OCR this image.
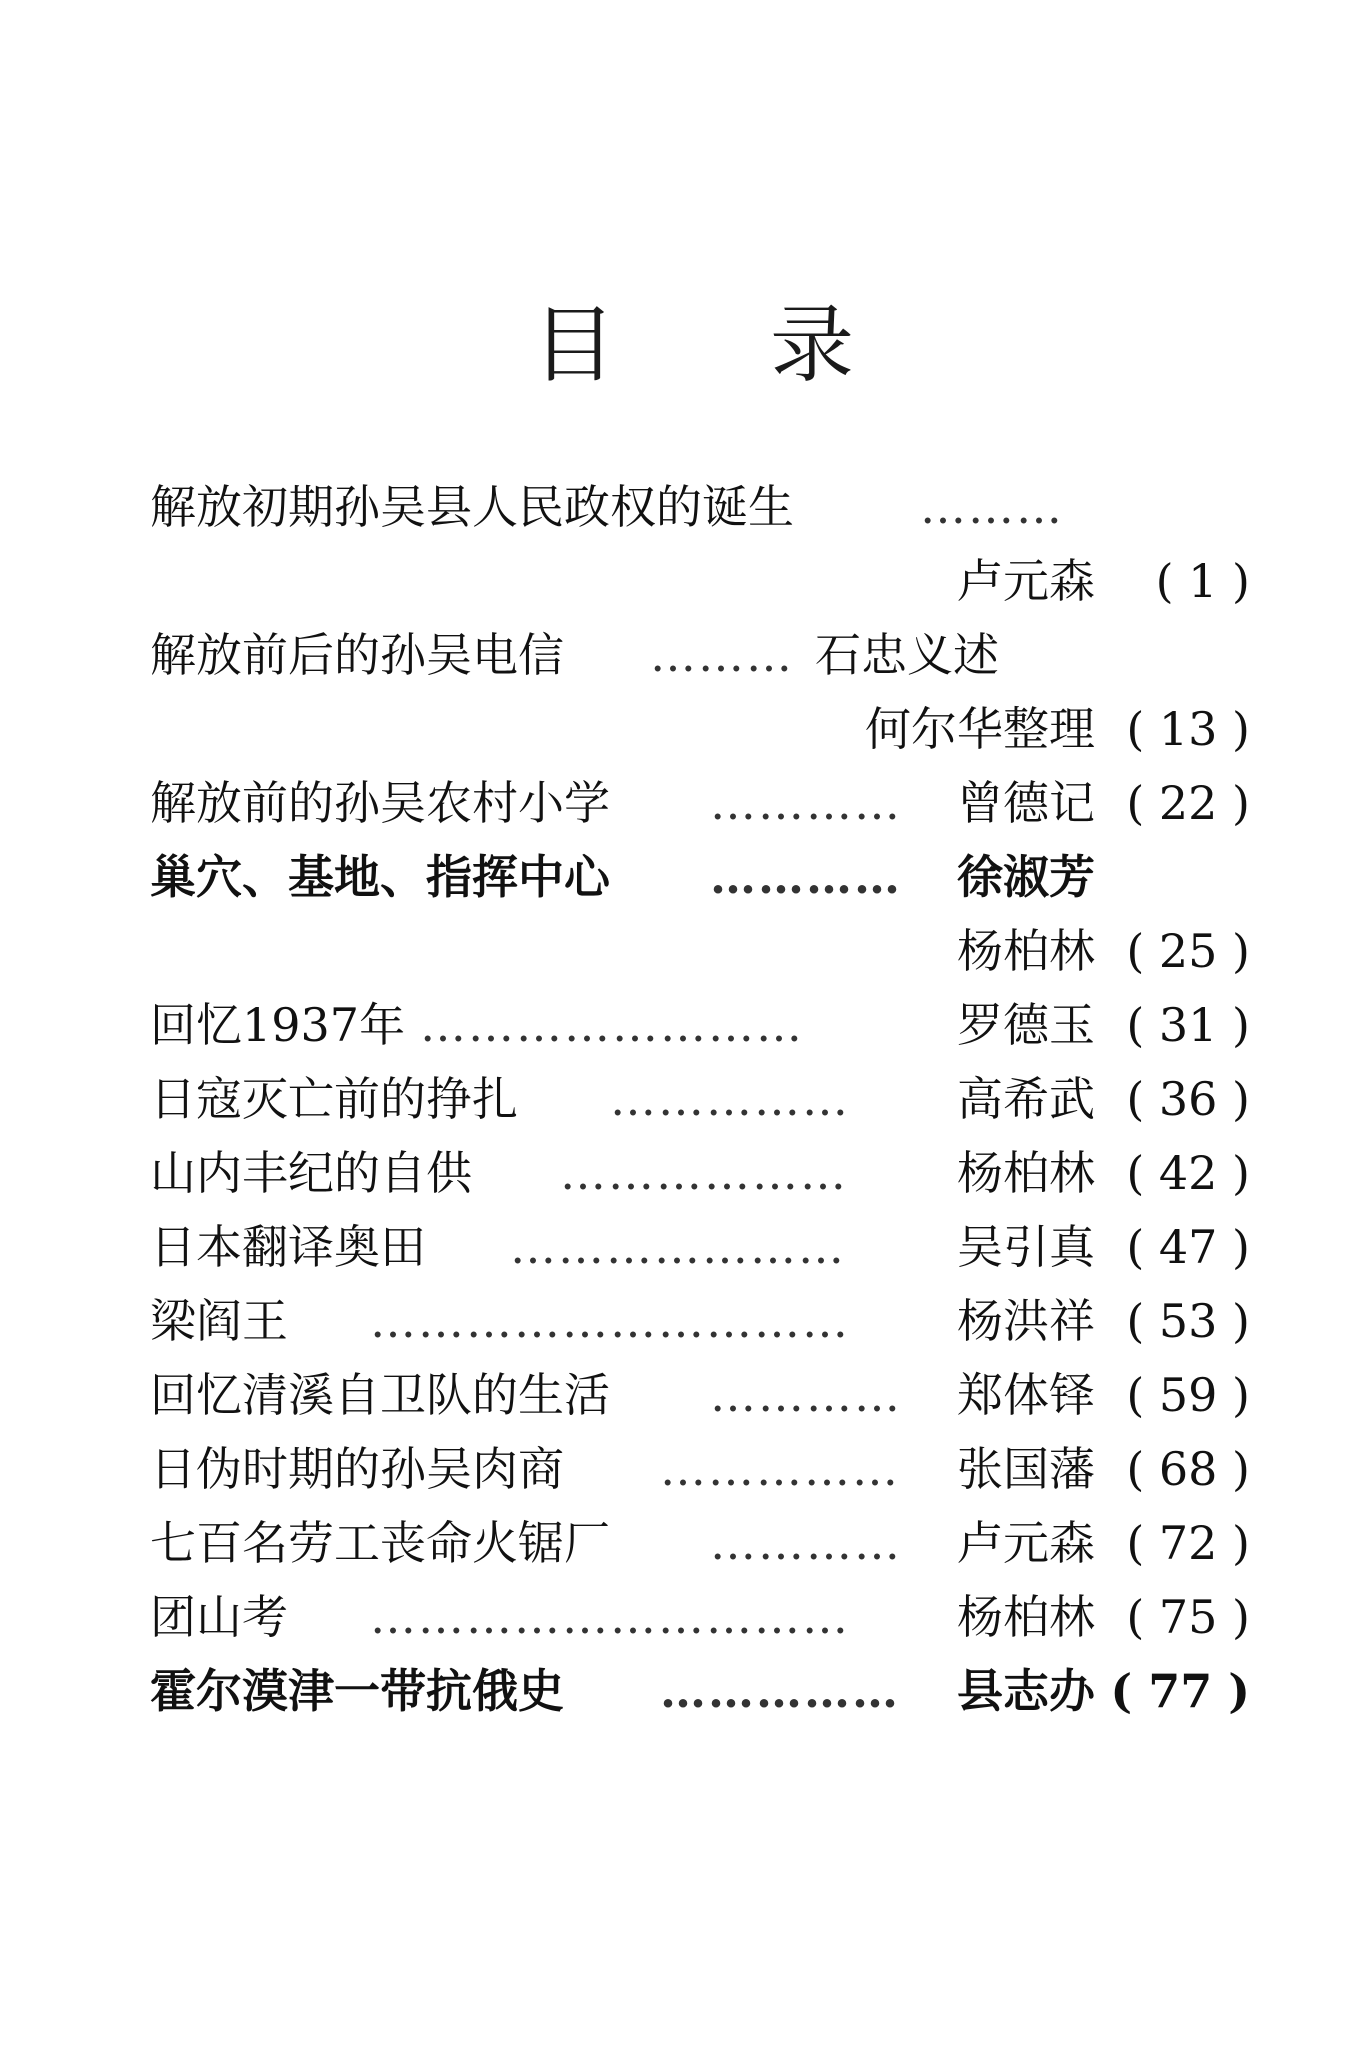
目 录
解放初期孙吴县人民政权的诞生	………
卢元森 ( 1 )
解放前后的孙吴电信 ……… 石忠义述
何尔华整理 ( 13 )
解放前的孙吴农村小学 ………… 曾德记 ( 22 )
巢穴、基地、指挥中心 ………… 徐淑芳
杨柏林 ( 25 )
回忆1937年 ……………………	罗德玉 ( 31 )
日寇灭亡前的挣扎 …………… 高希武 ( 36 )
山内丰纪的自供 ……………… 杨柏林 ( 42 )
日本翻译奥田 ………………… 吴引真 ( 47 )
梁阎王 ………………………… 杨洪祥 ( 53 )
回忆清溪自卫队的生活 ………… 郑体铎 ( 59 )
日伪时期的孙吴肉商 …………… 张国藩 ( 68 )
七百名劳工丧命火锯厂 ………… 卢元森 ( 72 )
团山考 ………………………… 杨柏林 ( 75 )
霍尔漠津一带抗俄史 …………… 县志办 ( 77 )
